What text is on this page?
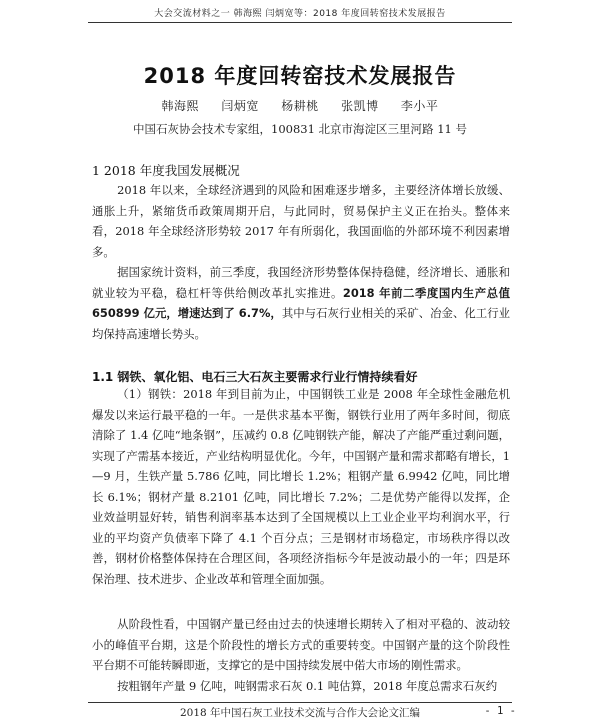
大会交流材料之一 韩海熙 闫炳宽等：2018 年度回转窑技术发展报告
2018 年度回转窑技术发展报告
韩海熙 闫炳宽 杨耕桃 张凯博 李小平
中国石灰协会技术专家组，100831 北京市海淀区三里河路 11 号
1 2018 年度我国发展概况

2018 年以来，全球经济遇到的风险和困难逐步增多，主要经济体增长放缓、通胀上升，紧缩货币政策周期开启，与此同时，贸易保护主义正在抬头。整体来看，2018 年全球经济形势较 2017 年有所弱化，我国面临的外部环境不利因素增多。

据国家统计资料，前三季度，我国经济形势整体保持稳健，经济增长、通胀和就业较为平稳，稳杠杆等供给侧改革扎实推进。2018 年前二季度国内生产总值 650899 亿元，增速达到了 6.7%，其中与石灰行业相关的采矿、冶金、化工行业均保持高速增长势头。

1.1 钢铁、氧化铝、电石三大石灰主要需求行业行情持续看好

（1）钢铁：2018 年到目前为止，中国钢铁工业是 2008 年全球性金融危机爆发以来运行最平稳的一年。一是供求基本平衡，钢铁行业用了两年多时间，彻底清除了 1.4 亿吨“地条钢”，压减约 0.8 亿吨钢铁产能，解决了产能严重过剩问题，实现了产需基本接近，产业结构明显优化。今年，中国钢产量和需求都略有增长，1—9 月，生铁产量 5.786 亿吨，同比增长 1.2%；粗钢产量 6.9942 亿吨，同比增长 6.1%；钢材产量 8.2101 亿吨，同比增长 7.2%；二是优势产能得以发挥，企业效益明显好转，销售利润率基本达到了全国规模以上工业企业平均利润水平，行业的平均资产负债率下降了 4.1 个百分点；三是钢材市场稳定，市场秩序得以改善，钢材价格整体保持在合理区间，各项经济指标今年是波动最小的一年；四是环保治理、技术进步、企业改革和管理全面加强。

从阶段性看，中国钢产量已经由过去的快速增长期转入了相对平稳的、波动较小的峰值平台期，这是个阶段性的增长方式的重要转变。中国钢产量的这个阶段性平台期不可能转瞬即逝，支撑它的是中国持续发展中偌大市场的刚性需求。

按粗钢年产量 9 亿吨，吨钢需求石灰 0.1 吨估算，2018 年度总需求石灰约

2018 年中国石灰工业技术交流与合作大会论文汇编	- 1 -
